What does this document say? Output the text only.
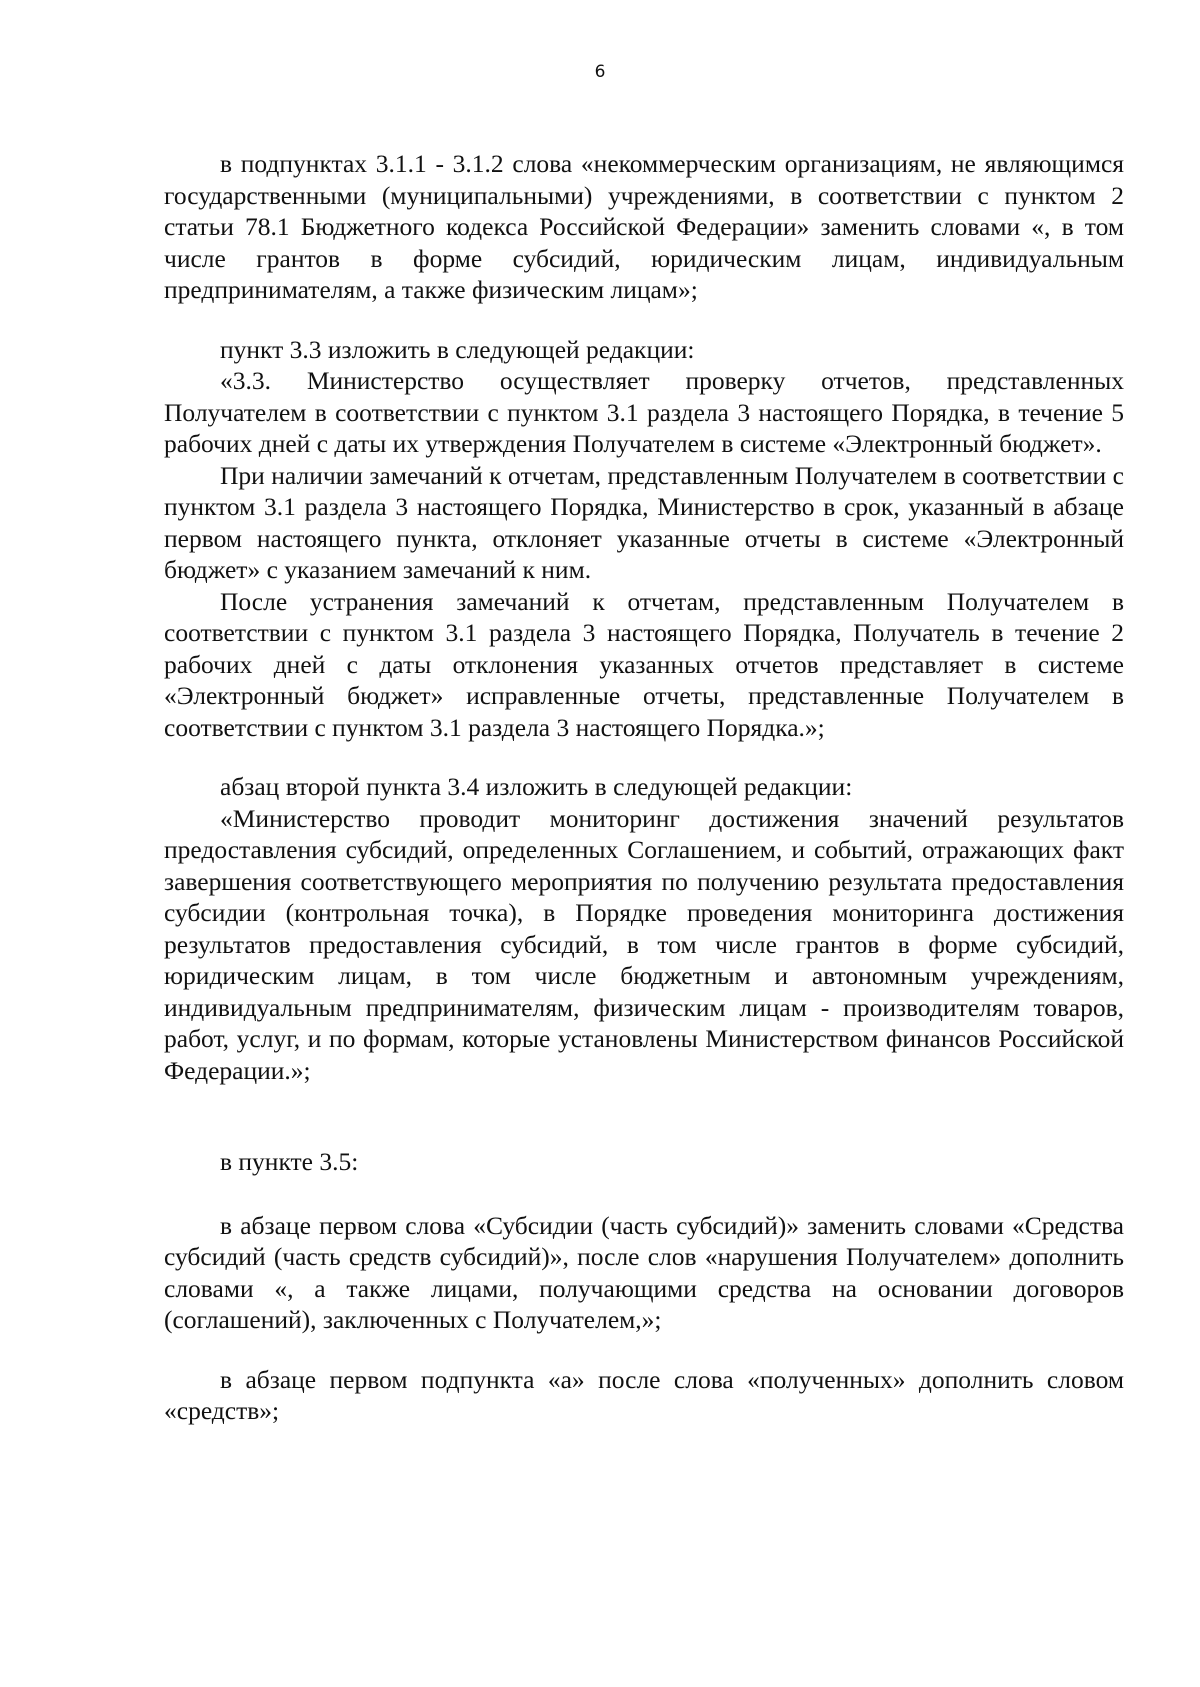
6

в подпунктах 3.1.1 - 3.1.2 слова «некоммерческим организациям, не являющимся государственными (муниципальными) учреждениями, в соответствии с пунктом 2 статьи 78.1 Бюджетного кодекса Российской Федерации» заменить словами «, в том числе грантов в форме субсидий, юридическим лицам, индивидуальным предпринимателям, а также физическим лицам»;

пункт 3.3 изложить в следующей редакции:

«3.3. Министерство осуществляет проверку отчетов, представленных Получателем в соответствии с пунктом 3.1 раздела 3 настоящего Порядка, в течение 5 рабочих дней с даты их утверждения Получателем в системе «Электронный бюджет».

При наличии замечаний к отчетам, представленным Получателем в соответствии с пунктом 3.1 раздела 3 настоящего Порядка, Министерство в срок, указанный в абзаце первом настоящего пункта, отклоняет указанные отчеты в системе «Электронный бюджет» с указанием замечаний к ним.

После устранения замечаний к отчетам, представленным Получателем в соответствии с пунктом 3.1 раздела 3 настоящего Порядка, Получатель в течение 2 рабочих дней с даты отклонения указанных отчетов представляет в системе «Электронный бюджет» исправленные отчеты, представленные Получателем в соответствии с пунктом 3.1 раздела 3 настоящего Порядка.»;

абзац второй пункта 3.4 изложить в следующей редакции:

«Министерство проводит мониторинг достижения значений результатов предоставления субсидий, определенных Соглашением, и событий, отражающих факт завершения соответствующего мероприятия по получению результата предоставления субсидии (контрольная точка), в Порядке проведения мониторинга достижения результатов предоставления субсидий, в том числе грантов в форме субсидий, юридическим лицам, в том числе бюджетным и автономным учреждениям, индивидуальным предпринимателям, физическим лицам - производителям товаров, работ, услуг, и по формам, которые установлены Министерством финансов Российской Федерации.»;

в пункте 3.5:

в абзаце первом слова «Субсидии (часть субсидий)» заменить словами «Средства субсидий (часть средств субсидий)», после слов «нарушения Получателем» дополнить словами «, а также лицами, получающими средства на основании договоров (соглашений), заключенных с Получателем,»;

в абзаце первом подпункта «а» после слова «полученных» дополнить словом «средств»;
